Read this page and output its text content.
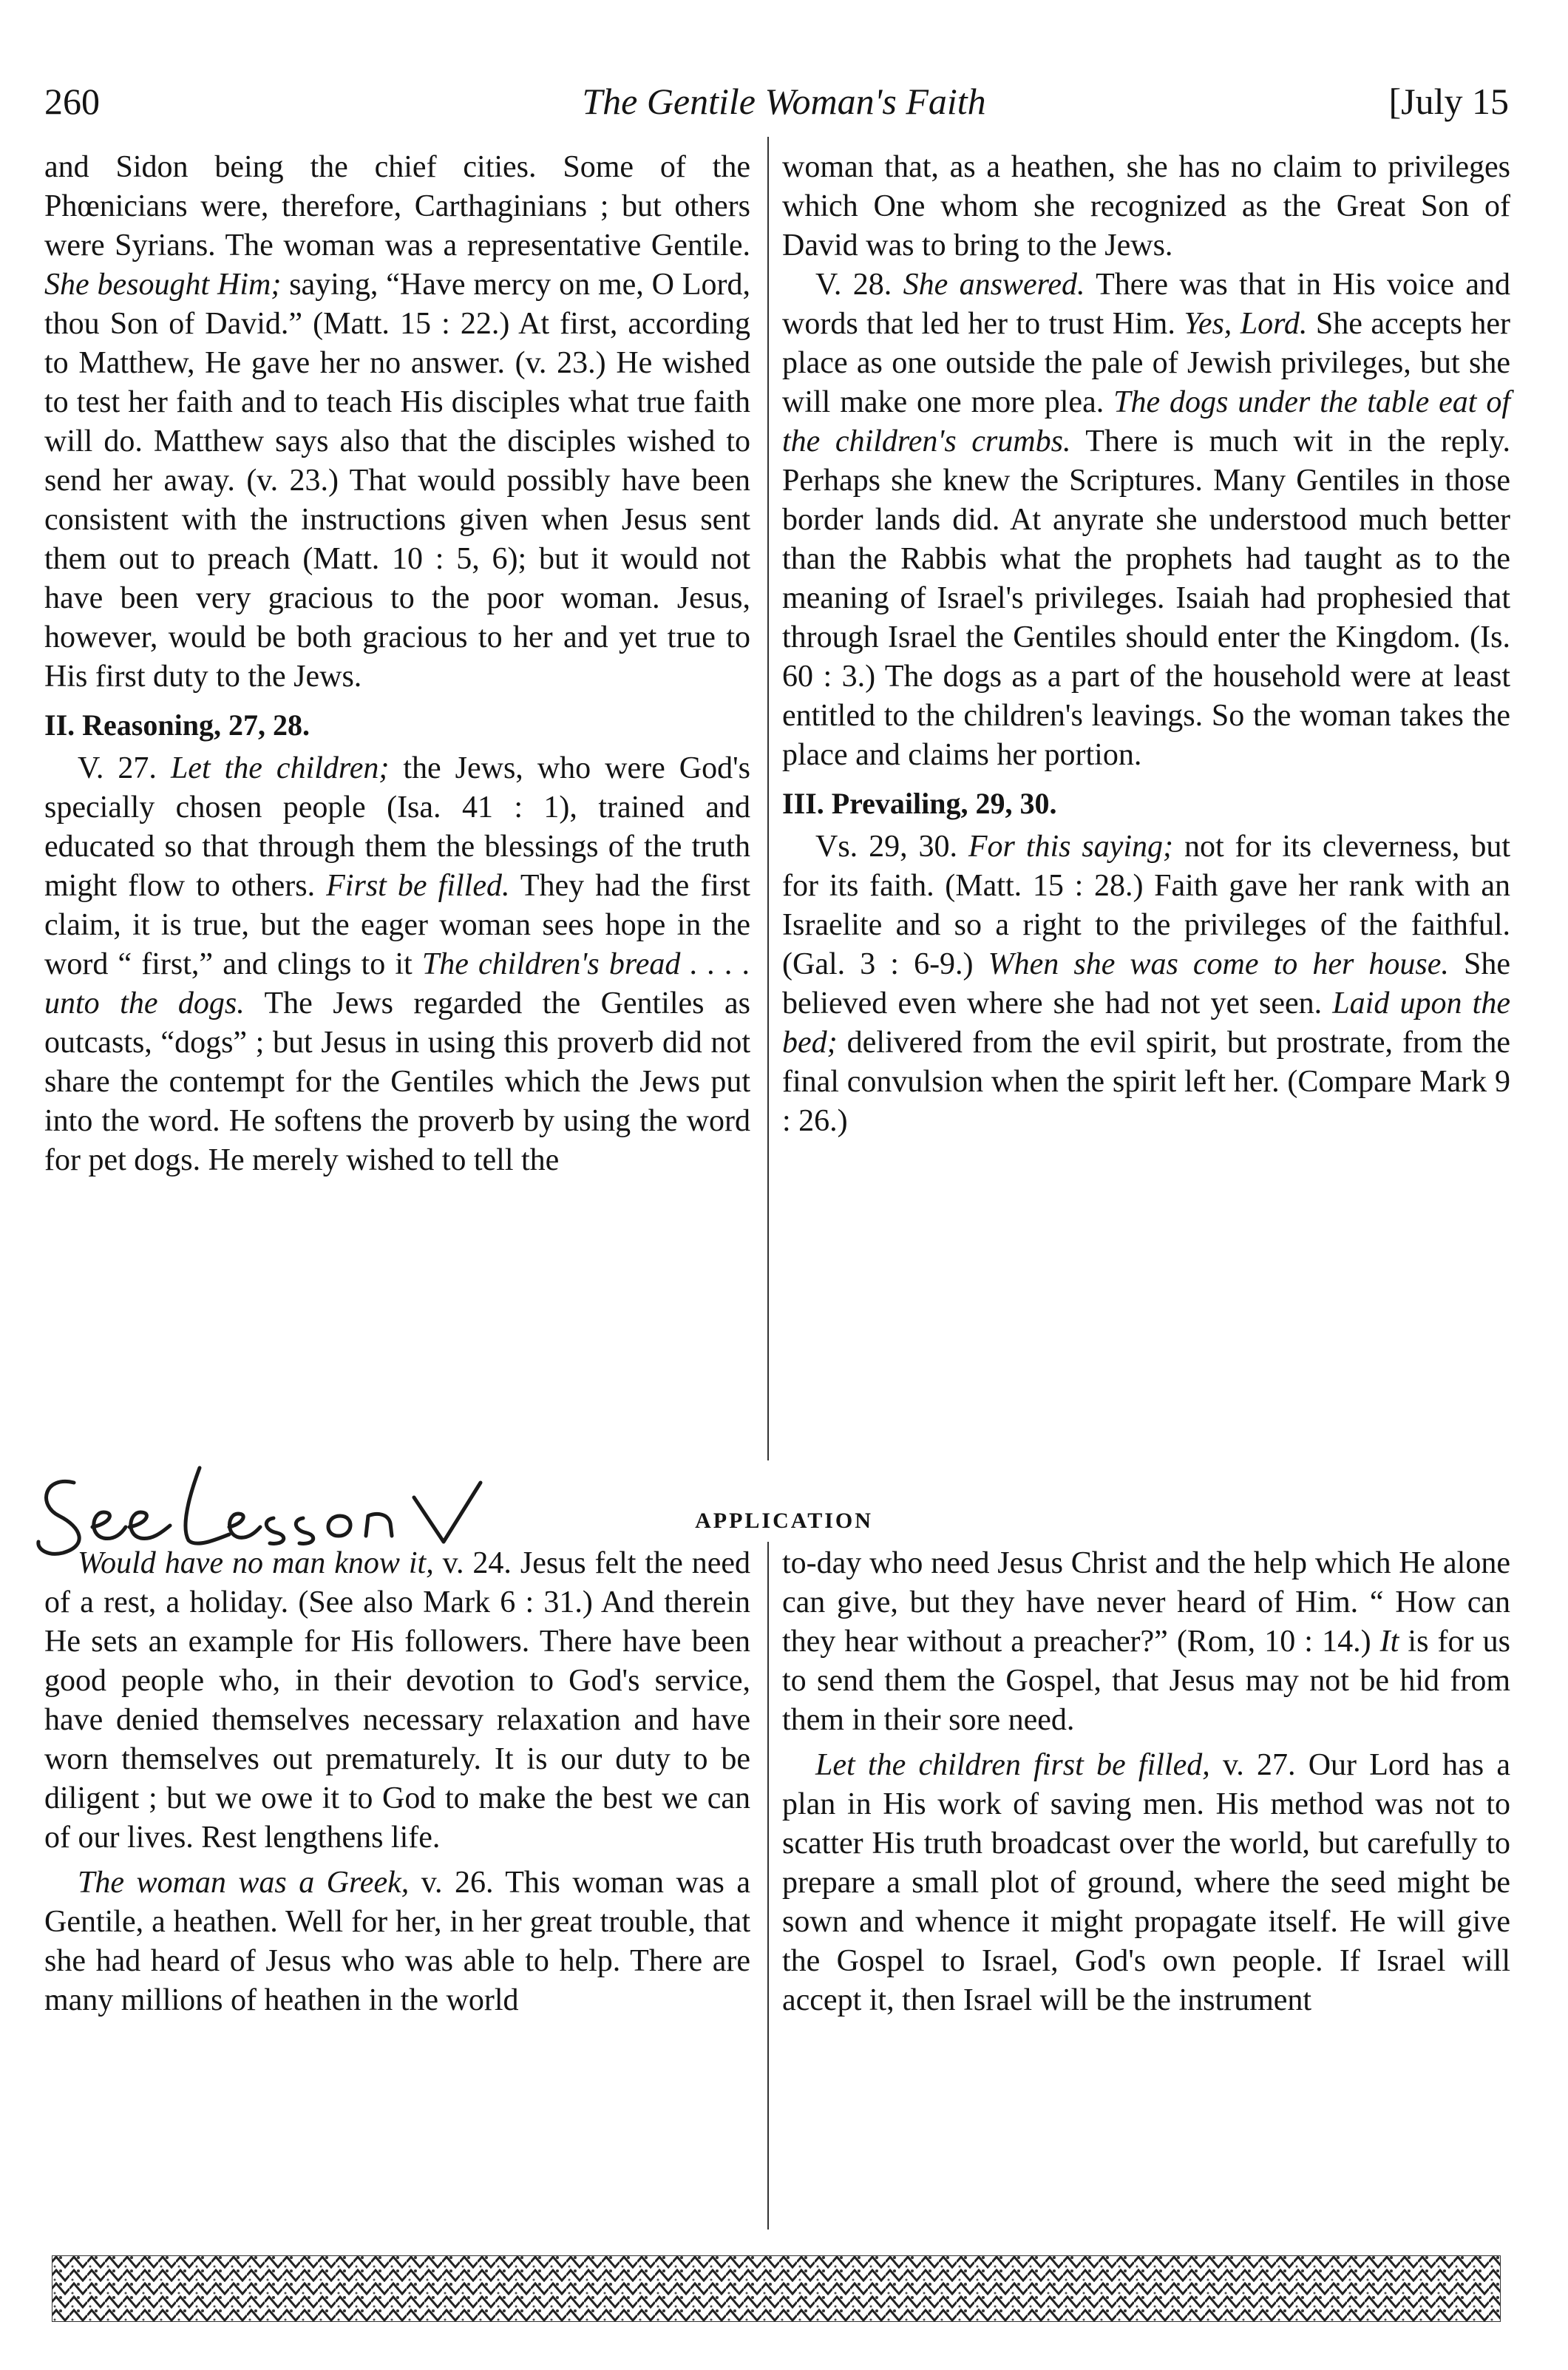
260	The Gentile Woman's Faith	[July 15

and Sidon being the chief cities. Some of the Phœnicians were, therefore, Carthaginians ; but others were Syrians. The woman was a representative Gentile. She besought Him; saying, “Have mercy on me, O Lord, thou Son of David.” (Matt. 15 : 22.) At first, according to Matthew, He gave her no answer. (v. 23.) He wished to test her faith and to teach His disciples what true faith will do. Matthew says also that the disciples wished to send her away. (v. 23.) That would possibly have been consistent with the instructions given when Jesus sent them out to preach (Matt. 10 : 5, 6); but it would not have been very gracious to the poor woman. Jesus, however, would be both gracious to her and yet true to His first duty to the Jews.

II. Reasoning, 27, 28.

V. 27. Let the children; the Jews, who were God's specially chosen people (Isa. 41 : 1), trained and educated so that through them the blessings of the truth might flow to others. First be filled. They had the first claim, it is true, but the eager woman sees hope in the word “ first,” and clings to it The children's bread . . . . unto the dogs. The Jews regarded the Gentiles as outcasts, “dogs” ; but Jesus in using this proverb did not share the contempt for the Gentiles which the Jews put into the word. He softens the proverb by using the word for pet dogs. He merely wished to tell the

woman that, as a heathen, she has no claim to privileges which One whom she recognized as the Great Son of David was to bring to the Jews.

V. 28. She answered. There was that in His voice and words that led her to trust Him. Yes, Lord. She accepts her place as one outside the pale of Jewish privileges, but she will make one more plea. The dogs under the table eat of the children's crumbs. There is much wit in the reply. Perhaps she knew the Scriptures. Many Gentiles in those border lands did. At anyrate she understood much better than the Rabbis what the prophets had taught as to the meaning of Israel's privileges. Isaiah had prophesied that through Israel the Gentiles should enter the Kingdom. (Is. 60 : 3.) The dogs as a part of the household were at least entitled to the children's leavings. So the woman takes the place and claims her portion.

III. Prevailing, 29, 30.

Vs. 29, 30. For this saying; not for its cleverness, but for its faith. (Matt. 15 : 28.) Faith gave her rank with an Israelite and so a right to the privileges of the faithful. (Gal. 3 : 6-9.) When she was come to her house. She believed even where she had not yet seen. Laid upon the bed; delivered from the evil spirit, but prostrate, from the final convulsion when the spirit left her. (Compare Mark 9 : 26.)

APPLICATION

Would have no man know it, v. 24. Jesus felt the need of a rest, a holiday. (See also Mark 6 : 31.) And therein He sets an example for His followers. There have been good people who, in their devotion to God's service, have denied themselves necessary relaxation and have worn themselves out prematurely. It is our duty to be diligent ; but we owe it to God to make the best we can of our lives. Rest lengthens life.

The woman was a Greek, v. 26. This woman was a Gentile, a heathen. Well for her, in her great trouble, that she had heard of Jesus who was able to help. There are many millions of heathen in the world

to-day who need Jesus Christ and the help which He alone can give, but they have never heard of Him. “ How can they hear without a preacher?” (Rom, 10 : 14.) It is for us to send them the Gospel, that Jesus may not be hid from them in their sore need.

Let the children first be filled, v. 27. Our Lord has a plan in His work of saving men. His method was not to scatter His truth broadcast over the world, but carefully to prepare a small plot of ground, where the seed might be sown and whence it might propagate itself. He will give the Gospel to Israel, God's own people. If Israel will accept it, then Israel will be the instrument
